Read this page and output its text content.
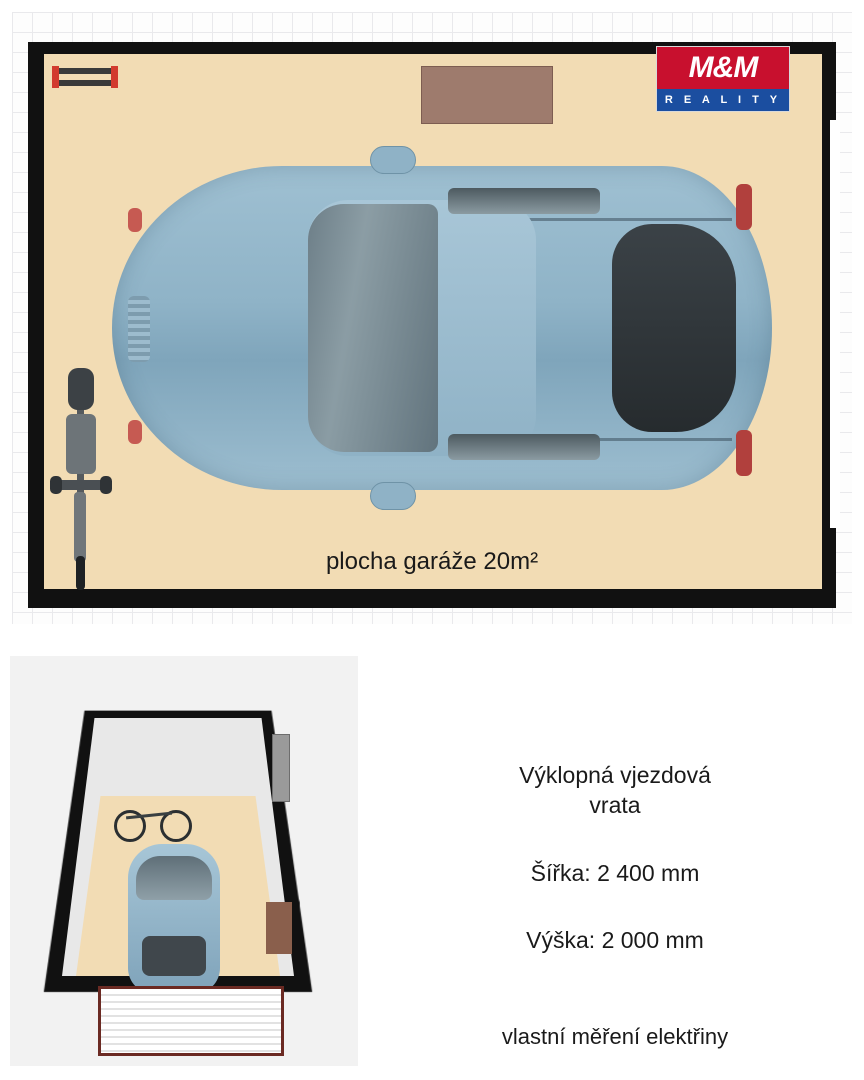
M&M
R E A L I T Y
plocha garáže 20m²
Výklopná vjezdová
vrata
Šířka: 2 400 mm
Výška: 2 000 mm
vlastní měření elektřiny
